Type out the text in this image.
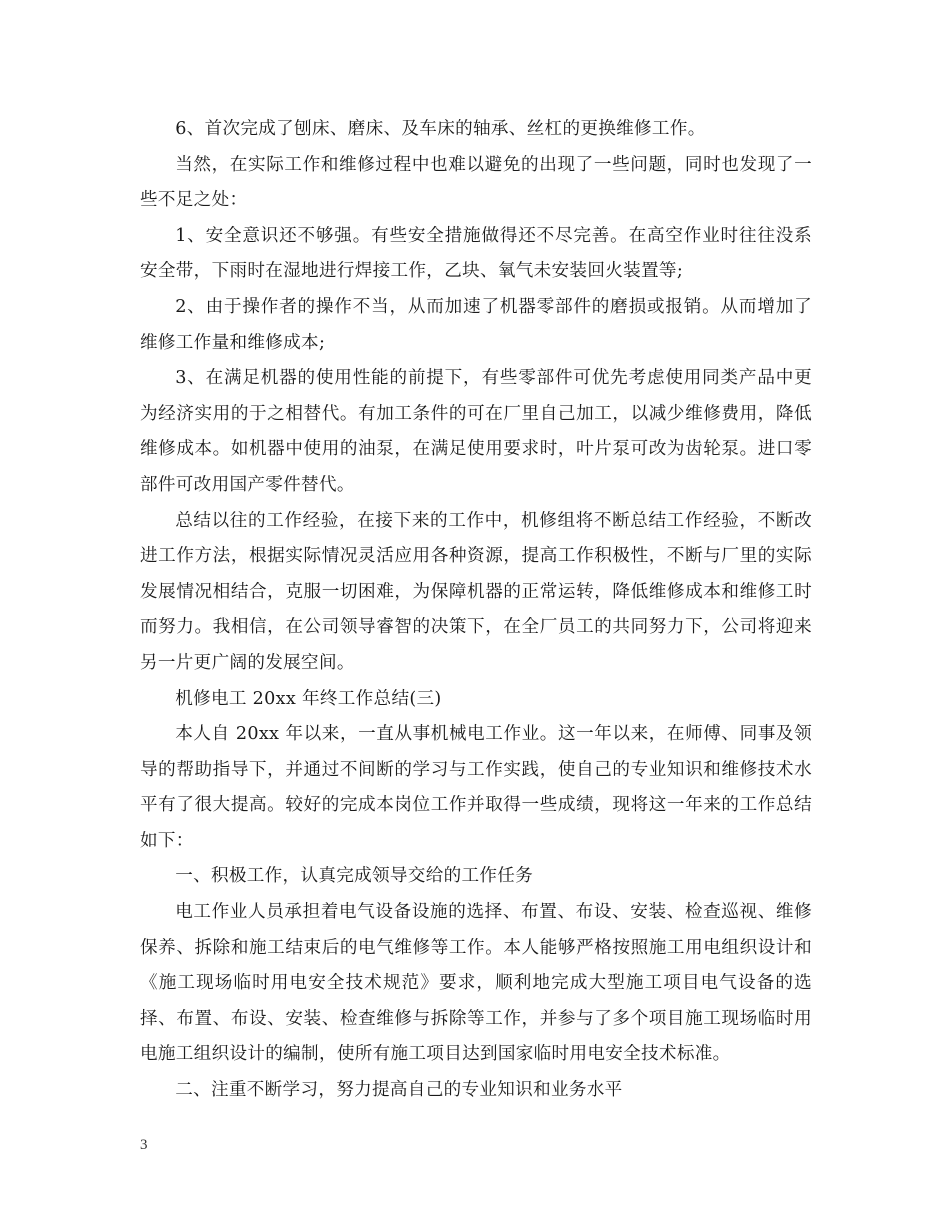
6、首次完成了刨床、磨床、及车床的轴承、丝杠的更换维修工作。

当然，在实际工作和维修过程中也难以避免的出现了一些问题，同时也发现了一些不足之处：

1、安全意识还不够强。有些安全措施做得还不尽完善。在高空作业时往往没系安全带，下雨时在湿地进行焊接工作，乙块、氧气未安装回火装置等;

2、由于操作者的操作不当，从而加速了机器零部件的磨损或报销。从而增加了维修工作量和维修成本;

3、在满足机器的使用性能的前提下，有些零部件可优先考虑使用同类产品中更为经济实用的于之相替代。有加工条件的可在厂里自己加工，以减少维修费用，降低维修成本。如机器中使用的油泵，在满足使用要求时，叶片泵可改为齿轮泵。进口零部件可改用国产零件替代。

总结以往的工作经验，在接下来的工作中，机修组将不断总结工作经验，不断改进工作方法，根据实际情况灵活应用各种资源，提高工作积极性，不断与厂里的实际发展情况相结合，克服一切困难，为保障机器的正常运转，降低维修成本和维修工时而努力。我相信，在公司领导睿智的决策下，在全厂员工的共同努力下，公司将迎来另一片更广阔的发展空间。

机修电工 20xx 年终工作总结(三)

本人自 20xx 年以来，一直从事机械电工作业。这一年以来，在师傅、同事及领导的帮助指导下，并通过不间断的学习与工作实践，使自己的专业知识和维修技术水平有了很大提高。较好的完成本岗位工作并取得一些成绩，现将这一年来的工作总结如下：

一、积极工作，认真完成领导交给的工作任务

电工作业人员承担着电气设备设施的选择、布置、布设、安装、检查巡视、维修保养、拆除和施工结束后的电气维修等工作。本人能够严格按照施工用电组织设计和《施工现场临时用电安全技术规范》要求，顺利地完成大型施工项目电气设备的选择、布置、布设、安装、检查维修与拆除等工作，并参与了多个项目施工现场临时用电施工组织设计的编制，使所有施工项目达到国家临时用电安全技术标准。

二、注重不断学习，努力提高自己的专业知识和业务水平

3
